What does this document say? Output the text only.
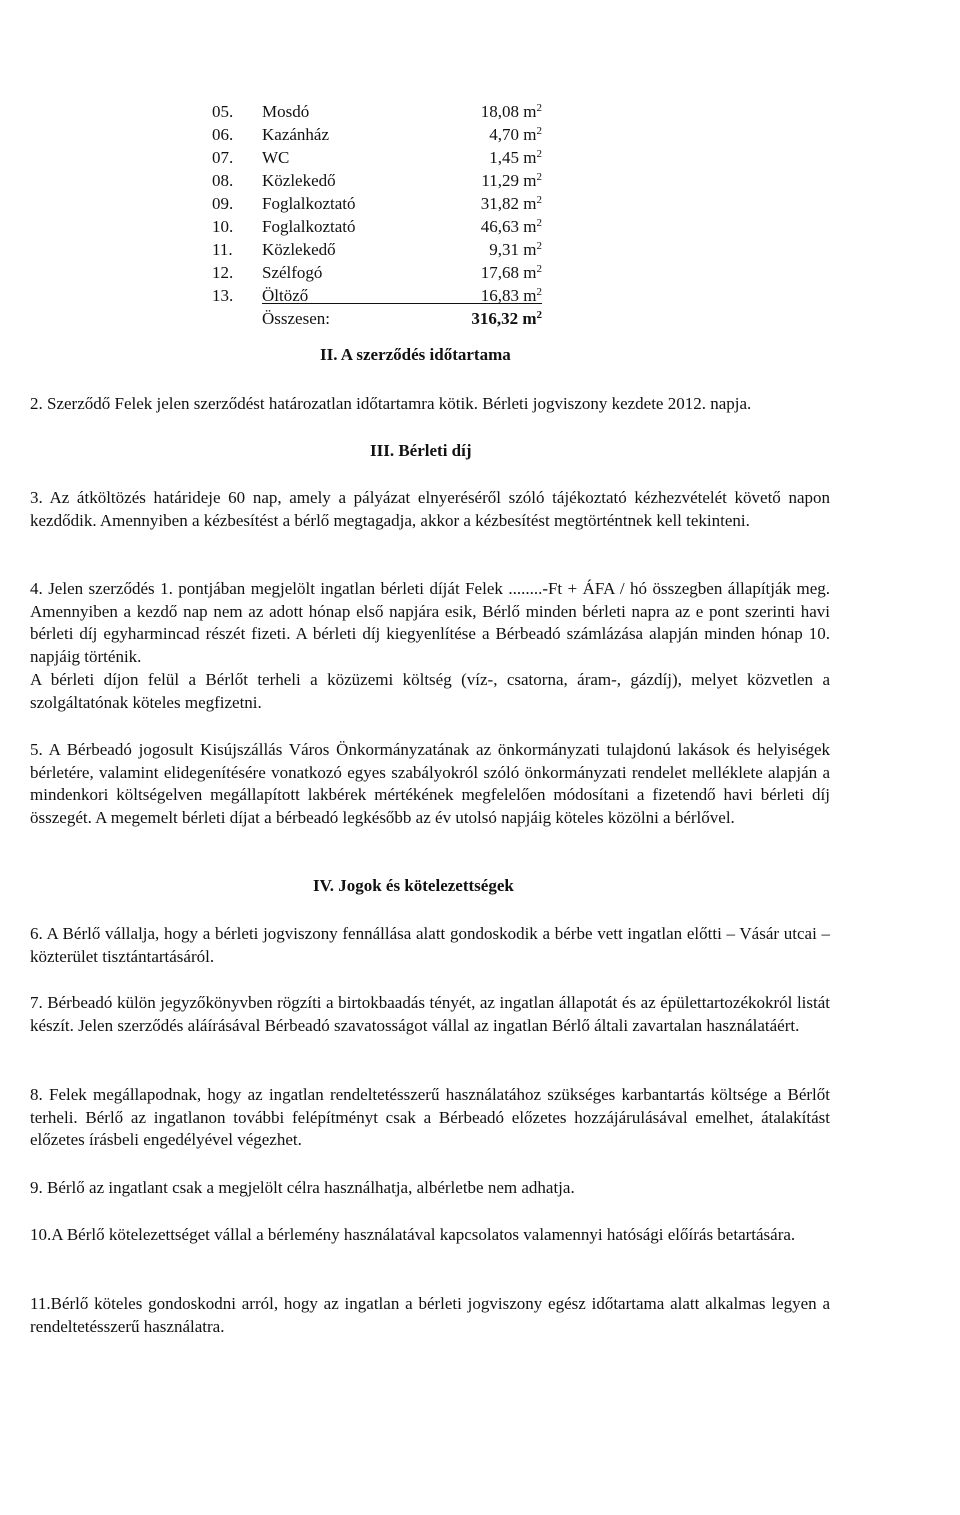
05.	Mosdó	18,08 $m^2$
06.	Kazánház	4,70 $m^2$
07.	WC	1,45 $m^2$
08.	Közlekedő	11,29 $m^2$
09.	Foglalkoztató	31,82 $m^2$
10.	Foglalkoztató	46,63 $m^2$
11.	Közlekedő	9,31 $m^2$
12.	Szélfogó	17,68 $m^2$
13.	Öltöző	16,83 $m^2$
Összesen:	316,32 $m^2$
II. A szerződés időtartama
2. Szerződő Felek jelen szerződést határozatlan időtartamra kötik. Bérleti jogviszony kezdete 2012. napja.
III. Bérleti díj
3. Az átköltözés határideje 60 nap, amely a pályázat elnyeréséről szóló tájékoztató kézhezvételét követő napon kezdődik. Amennyiben a kézbesítést a bérlő megtagadja, akkor a kézbesítést megtörténtnek kell tekinteni.
4. Jelen szerződés 1. pontjában megjelölt ingatlan bérleti díját Felek ........-Ft + ÁFA / hó összegben állapítják meg. Amennyiben a kezdő nap nem az adott hónap első napjára esik, Bérlő minden bérleti napra az e pont szerinti havi bérleti díj egyharmincad részét fizeti. A bérleti díj kiegyenlítése a Bérbeadó számlázása alapján minden hónap 10. napjáig történik.
A bérleti díjon felül a Bérlőt terheli a közüzemi költség (víz-, csatorna, áram-, gázdíj), melyet közvetlen a szolgáltatónak köteles megfizetni.
5. A Bérbeadó jogosult Kisújszállás Város Önkormányzatának az önkormányzati tulajdonú lakások és helyiségek bérletére, valamint elidegenítésére vonatkozó egyes szabályokról szóló önkormányzati rendelet melléklete alapján a mindenkori költségelven megállapított lakbérek mértékének megfelelően módosítani a fizetendő havi bérleti díj összegét. A megemelt bérleti díjat a bérbeadó legkésőbb az év utolsó napjáig köteles közölni a bérlővel.
IV. Jogok és kötelezettségek
6. A Bérlő vállalja, hogy a bérleti jogviszony fennállása alatt gondoskodik a bérbe vett ingatlan előtti – Vásár utcai – közterület tisztántartásáról.
7. Bérbeadó külön jegyzőkönyvben rögzíti a birtokbaadás tényét, az ingatlan állapotát és az épülettartozékokról listát készít. Jelen szerződés aláírásával Bérbeadó szavatosságot vállal az ingatlan Bérlő általi zavartalan használatáért.
8. Felek megállapodnak, hogy az ingatlan rendeltetésszerű használatához szükséges karbantartás költsége a Bérlőt terheli. Bérlő az ingatlanon további felépítményt csak a Bérbeadó előzetes hozzájárulásával emelhet, átalakítást előzetes írásbeli engedélyével végezhet.
9. Bérlő az ingatlant csak a megjelölt célra használhatja, albérletbe nem adhatja.
10.A Bérlő kötelezettséget vállal a bérlemény használatával kapcsolatos valamennyi hatósági előírás betartására.
11.Bérlő köteles gondoskodni arról, hogy az ingatlan a bérleti jogviszony egész időtartama alatt alkalmas legyen a rendeltetésszerű használatra.
